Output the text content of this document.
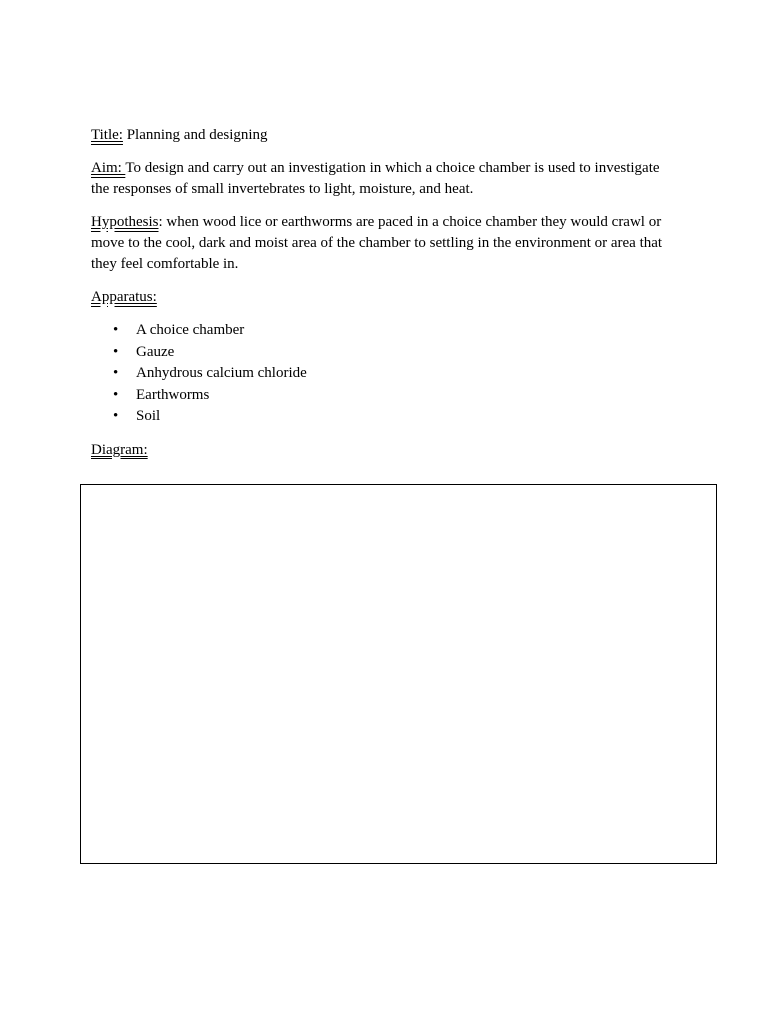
Title: Planning and designing

Aim: To design and carry out an investigation in which a choice chamber is used to investigate the responses of small invertebrates to light, moisture, and heat.

Hypothesis: when wood lice or earthworms are paced in a choice chamber they would crawl or move to the cool, dark and moist area of the chamber to settling in the environment or area that they feel comfortable in.

Apparatus:

• A choice chamber
• Gauze
• Anhydrous calcium chloride
• Earthworms
• Soil

Diagram:
